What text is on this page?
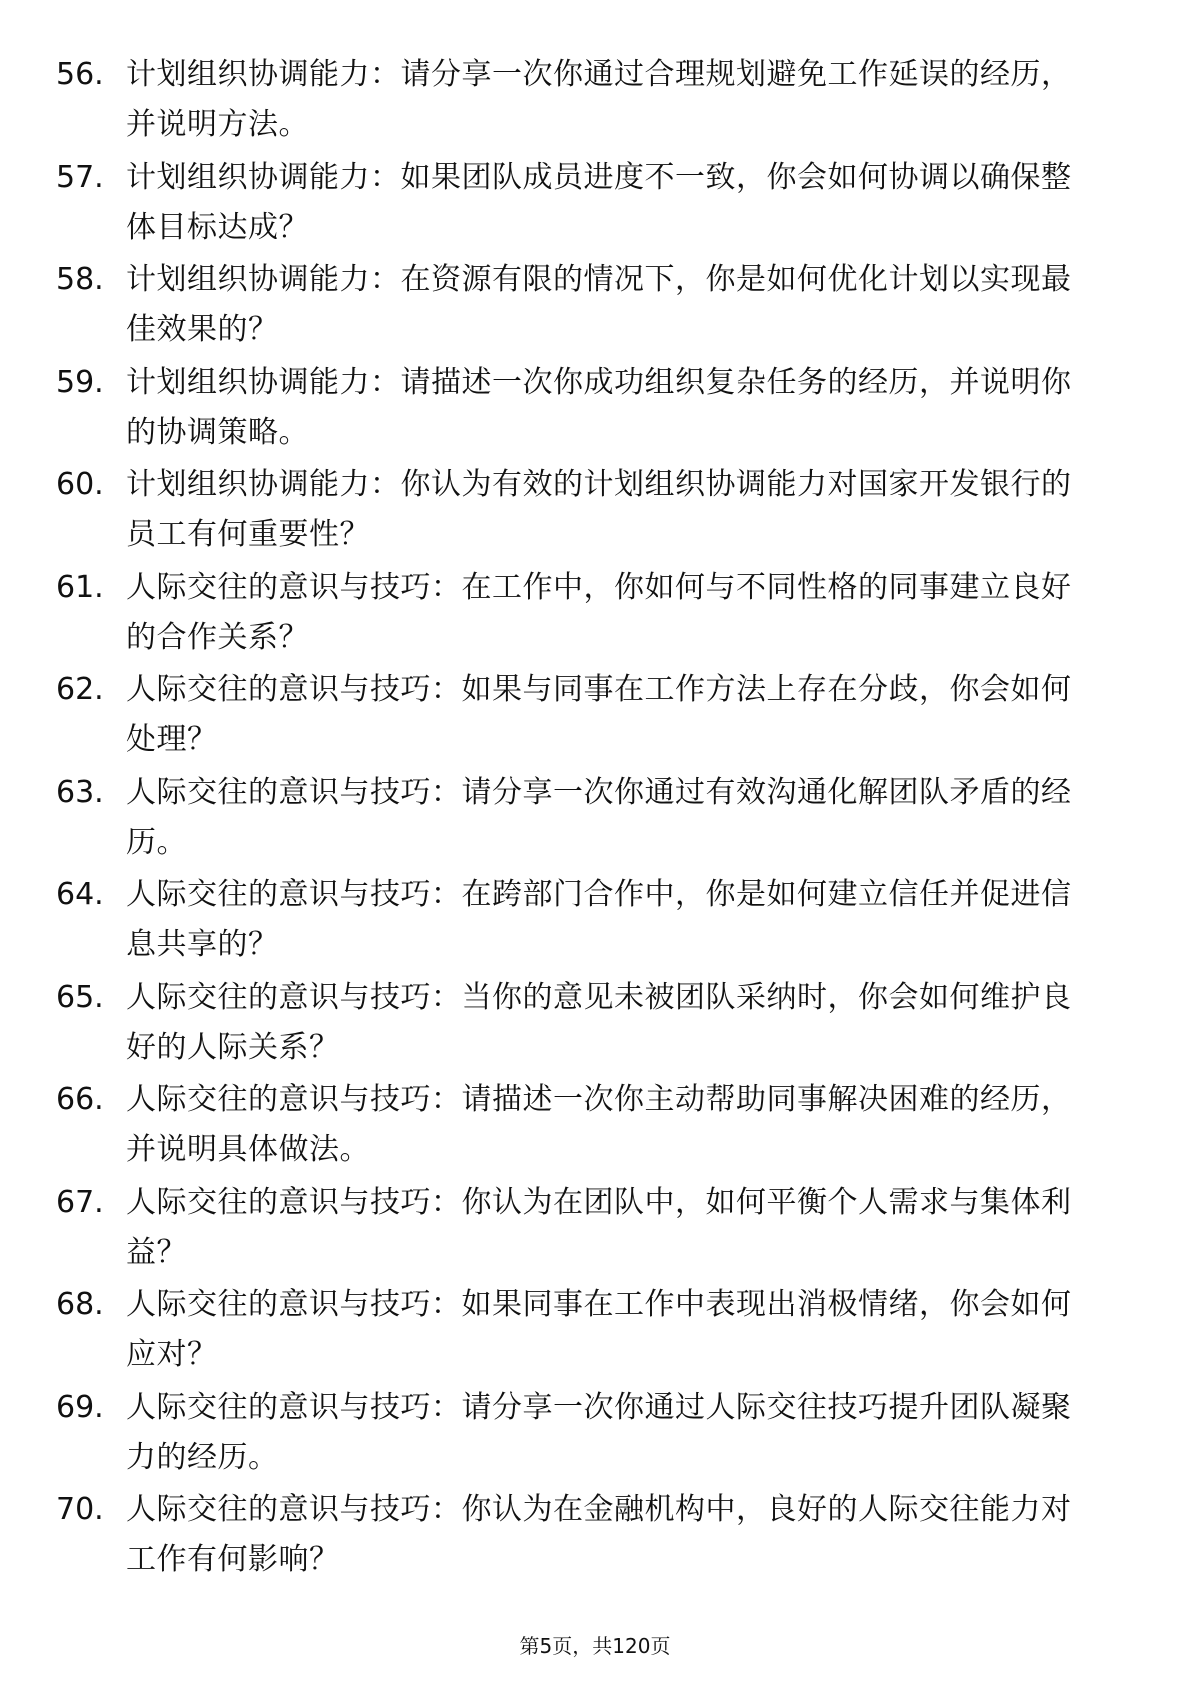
56. 计划组织协调能力：请分享一次你通过合理规划避免工作延误的经历，并说明方法。
57. 计划组织协调能力：如果团队成员进度不一致，你会如何协调以确保整体目标达成？
58. 计划组织协调能力：在资源有限的情况下，你是如何优化计划以实现最佳效果的？
59. 计划组织协调能力：请描述一次你成功组织复杂任务的经历，并说明你的协调策略。
60. 计划组织协调能力：你认为有效的计划组织协调能力对国家开发银行的员工有何重要性？
61. 人际交往的意识与技巧：在工作中，你如何与不同性格的同事建立良好的合作关系？
62. 人际交往的意识与技巧：如果与同事在工作方法上存在分歧，你会如何处理？
63. 人际交往的意识与技巧：请分享一次你通过有效沟通化解团队矛盾的经历。
64. 人际交往的意识与技巧：在跨部门合作中，你是如何建立信任并促进信息共享的？
65. 人际交往的意识与技巧：当你的意见未被团队采纳时，你会如何维护良好的人际关系？
66. 人际交往的意识与技巧：请描述一次你主动帮助同事解决困难的经历，并说明具体做法。
67. 人际交往的意识与技巧：你认为在团队中，如何平衡个人需求与集体利益？
68. 人际交往的意识与技巧：如果同事在工作中表现出消极情绪，你会如何应对？
69. 人际交往的意识与技巧：请分享一次你通过人际交往技巧提升团队凝聚力的经历。
70. 人际交往的意识与技巧：你认为在金融机构中，良好的人际交往能力对工作有何影响？
第5页，共120页
